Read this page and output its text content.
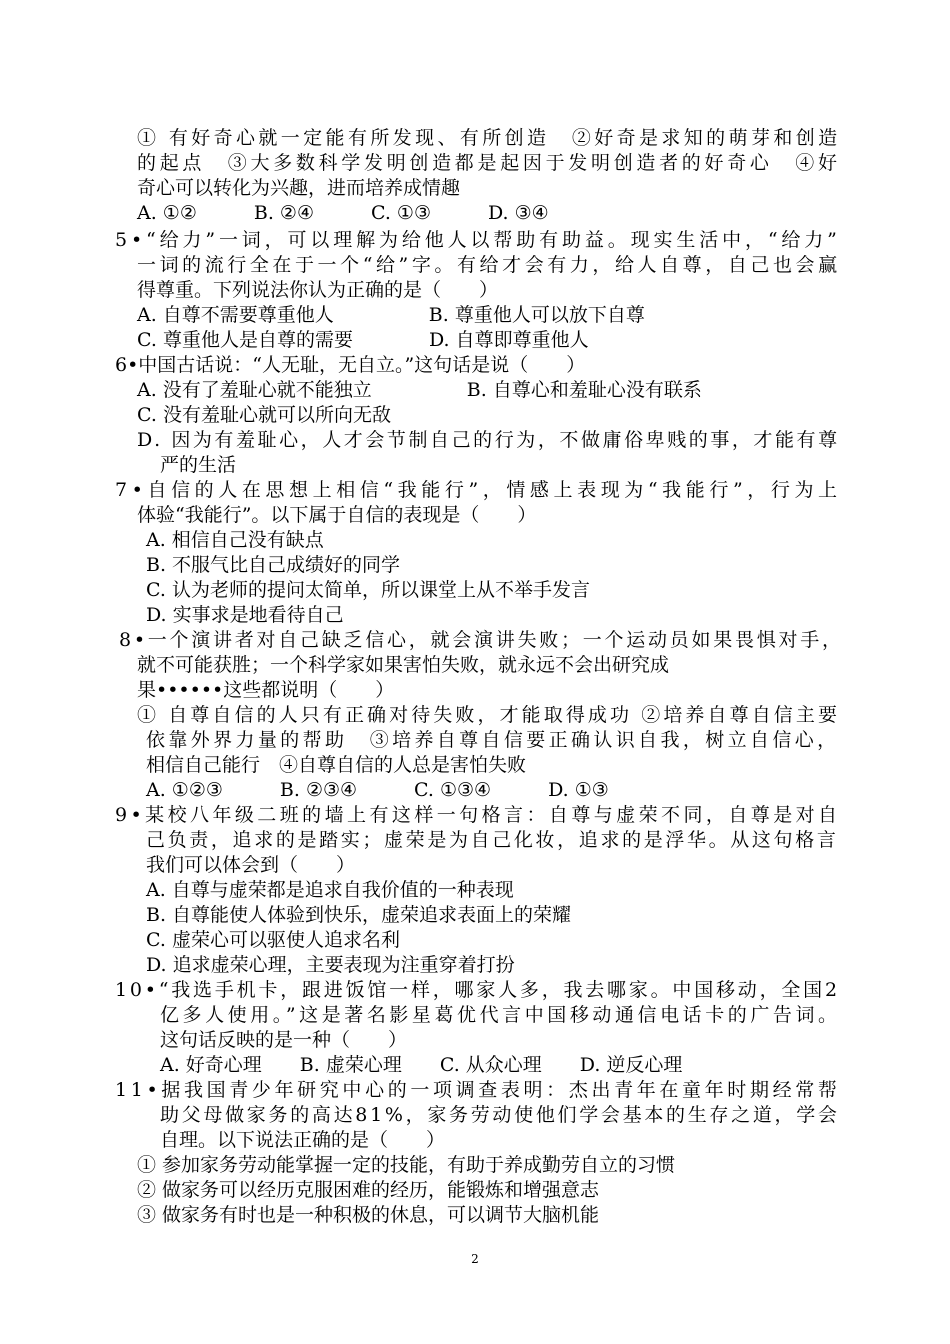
① 有好奇心就一定能有所发现、有所创造　②好奇是求知的萌芽和创造
的起点　③大多数科学发明创造都是起因于发明创造者的好奇心　④好
奇心可以转化为兴趣，进而培养成情趣
A. ①②　　　B. ②④　　　C. ①③　　　D. ③④
5•“给力”一词，可以理解为给他人以帮助有助益。现实生活中，“给力”
一词的流行全在于一个“给”字。有给才会有力，给人自尊，自己也会赢
得尊重。下列说法你认为正确的是（　　）
A. 自尊不需要尊重他人　　　　　B. 尊重他人可以放下自尊
C. 尊重他人是自尊的需要　　　　D. 自尊即尊重他人
6•中国古话说：“人无耻，无自立。”这句话是说（　　）
A. 没有了羞耻心就不能独立　　　　　B. 自尊心和羞耻心没有联系
C. 没有羞耻心就可以所向无敌
D. 因为有羞耻心，人才会节制自己的行为，不做庸俗卑贱的事，才能有尊
严的生活
7•自信的人在思想上相信“我能行”，情感上表现为“我能行”，行为上
体验“我能行”。以下属于自信的表现是（　　）
A. 相信自己没有缺点
B. 不服气比自己成绩好的同学
C. 认为老师的提问太简单，所以课堂上从不举手发言
D. 实事求是地看待自己
8•一个演讲者对自己缺乏信心，就会演讲失败；一个运动员如果畏惧对手，
就不可能获胜；一个科学家如果害怕失败，就永远不会出研究成
果••••••这些都说明（　　）
① 自尊自信的人只有正确对待失败，才能取得成功 ②培养自尊自信主要
依靠外界力量的帮助　③培养自尊自信要正确认识自我，树立自信心，
相信自己能行　④自尊自信的人总是害怕失败
A. ①②③　　　B. ②③④　　　C. ①③④　　　D. ①③
9•某校八年级二班的墙上有这样一句格言：自尊与虚荣不同，自尊是对自
己负责，追求的是踏实；虚荣是为自己化妆，追求的是浮华。从这句格言
我们可以体会到（　　）
A. 自尊与虚荣都是追求自我价值的一种表现
B. 自尊能使人体验到快乐，虚荣追求表面上的荣耀
C. 虚荣心可以驱使人追求名利
D. 追求虚荣心理，主要表现为注重穿着打扮
10•“我选手机卡，跟进饭馆一样，哪家人多，我去哪家。中国移动，全国2
亿多人使用。”这是著名影星葛优代言中国移动通信电话卡的广告词。
这句话反映的是一种（　　）
A. 好奇心理　　B. 虚荣心理　　C. 从众心理　　D. 逆反心理
11•据我国青少年研究中心的一项调查表明：杰出青年在童年时期经常帮
助父母做家务的高达81%，家务劳动使他们学会基本的生存之道，学会
自理。以下说法正确的是（　　）
① 参加家务劳动能掌握一定的技能，有助于养成勤劳自立的习惯
② 做家务可以经历克服困难的经历，能锻炼和增强意志
③ 做家务有时也是一种积极的休息，可以调节大脑机能
2
